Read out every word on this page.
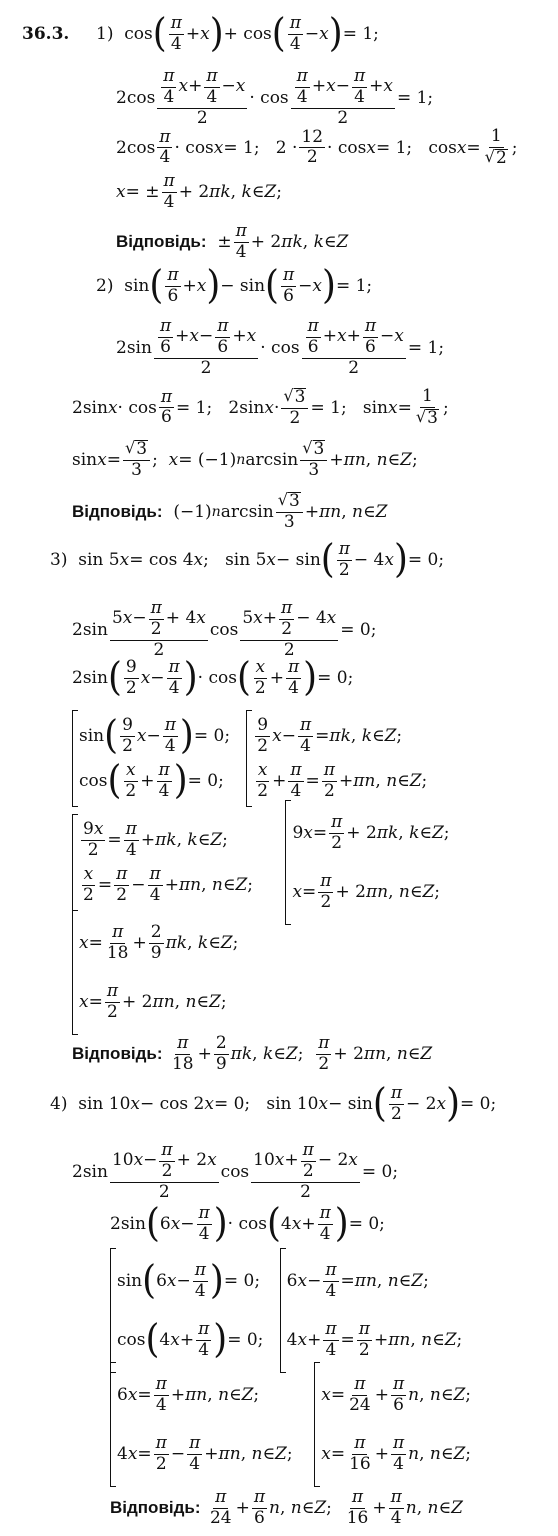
36.3. 1)  cos ( $\frac{\pi}{4} + x$ ) + cos ( $\frac{\pi}{4} - x$ ) = 1;
$2\cos \frac{\frac{\pi}{4} x + \frac{\pi}{4} - x}{2} \cdot \cos \frac{\frac{\pi}{4} + x - \frac{\pi}{4} + x}{2} = 1$;
$2\cos \frac{\pi}{4} \cdot \cos x = 1$;   $2 \cdot \frac{12}{2} \cdot \cos x = 1$;   $\cos x = \frac{1}{√ 2}$ ;
x = ± $\frac{\pi}{4} + 2$ π k , k ∈ Z ;
Відповідь: ± $\frac{\pi}{4} + 2$ π k , k ∈ Z
2)  sin ( $\frac{\pi}{6} + x$ ) − sin ( $\frac{\pi}{6} - x$ ) = 1;
$2\sin \frac{\frac{\pi}{6} + x - \frac{\pi}{6} + x}{2} \cdot \cos \frac{\frac{\pi}{6} + x + \frac{\pi}{6} - x}{2} = 1$;
2sin $x \cdot \cos \frac{\pi}{6} = 1$;   2sin $x \cdot \frac{√ 3}{2} = 1$;   $\sin x = \frac{1}{√ 3}$ ;
$\sin x = \frac{√ 3}{3}$ ; x = (−1) n $\arcsin \frac{√ 3}{3} + \pi$ n , n ∈ Z ;
Відповідь: (−1) n $\arcsin \frac{√ 3}{3} + \pi$ n , n ∈ Z
3)  sin 5 x = cos 4 x ;   sin 5 x − sin ( $\frac{\pi}{2} - 4$ x ) = 0;
$2\sin \frac{5 x - \frac{\pi}{2} + 4 x}{2}$ $\cos \frac{5 x + \frac{\pi}{2} - 4 x}{2} = 0$;
2sin ( $\frac{9}{2}$ $x - \frac{\pi}{4}$ ) · cos ( $\frac{x}{2} + \frac{\pi}{4}$ ) = 0;
sin ( $\frac{9}{2}$ $x - \frac{\pi}{4}$ ) = 0;
cos ( $\frac{x}{2} + \frac{\pi}{4}$ ) = 0;

$\frac{9}{2}$ $x - \frac{\pi}{4} = \pi$ k , k ∈ Z ;
$\frac{x}{2} + \frac{\pi}{4} = \frac{\pi}{2} + \pi$ n , n ∈ Z ;
$\frac{9 x}{2} = \frac{\pi}{4} + \pi$ k , k ∈ Z ;
$\frac{x}{2} = \frac{\pi}{2} - \frac{\pi}{4} + \pi$ n , n ∈ Z ;

9 $x = \frac{\pi}{2} + 2$ π k , k ∈ Z ;
$x = \frac{\pi}{2} + 2$ π n , n ∈ Z ;
$x = \frac{\pi}{18} + \frac{2}{9}$ π k , k ∈ Z ;
$x = \frac{\pi}{2} + 2$ π n , n ∈ Z ;
Відповідь:
$\frac{\pi}{18} + \frac{2}{9}$ π k , k ∈ Z ; $\frac{\pi}{2} + 2$ π n , n ∈ Z
4)  sin 10 x − cos 2 x = 0;   sin 10 x − sin ( $\frac{\pi}{2} - 2$ x ) = 0;
$2\sin \frac{10 x - \frac{\pi}{2} + 2 x}{2}$ $\cos \frac{10 x + \frac{\pi}{2} - 2 x}{2} = 0$;
2sin ( 6 $x - \frac{\pi}{4}$ ) · cos ( 4 $x + \frac{\pi}{4}$ ) = 0;
sin ( 6 $x - \frac{\pi}{4}$ ) = 0;
cos ( 4 $x + \frac{\pi}{4}$ ) = 0;

6 $x - \frac{\pi}{4} = \pi$ n , n ∈ Z ;
4 $x + \frac{\pi}{4} = \frac{\pi}{2} + \pi$ n , n ∈ Z ;
6 $x = \frac{\pi}{4} + \pi$ n , n ∈ Z ;
4 $x = \frac{\pi}{2} - \frac{\pi}{4} + \pi$ n , n ∈ Z ;

$x = \frac{\pi}{24} + \frac{\pi}{6}$ n , n ∈ Z ;
$x = \frac{\pi}{16} + \frac{\pi}{4}$ n , n ∈ Z ;
Відповідь:
$\frac{\pi}{24} + \frac{\pi}{6}$ n , n ∈ Z ; $\frac{\pi}{16} + \frac{\pi}{4}$ n , n ∈ Z
